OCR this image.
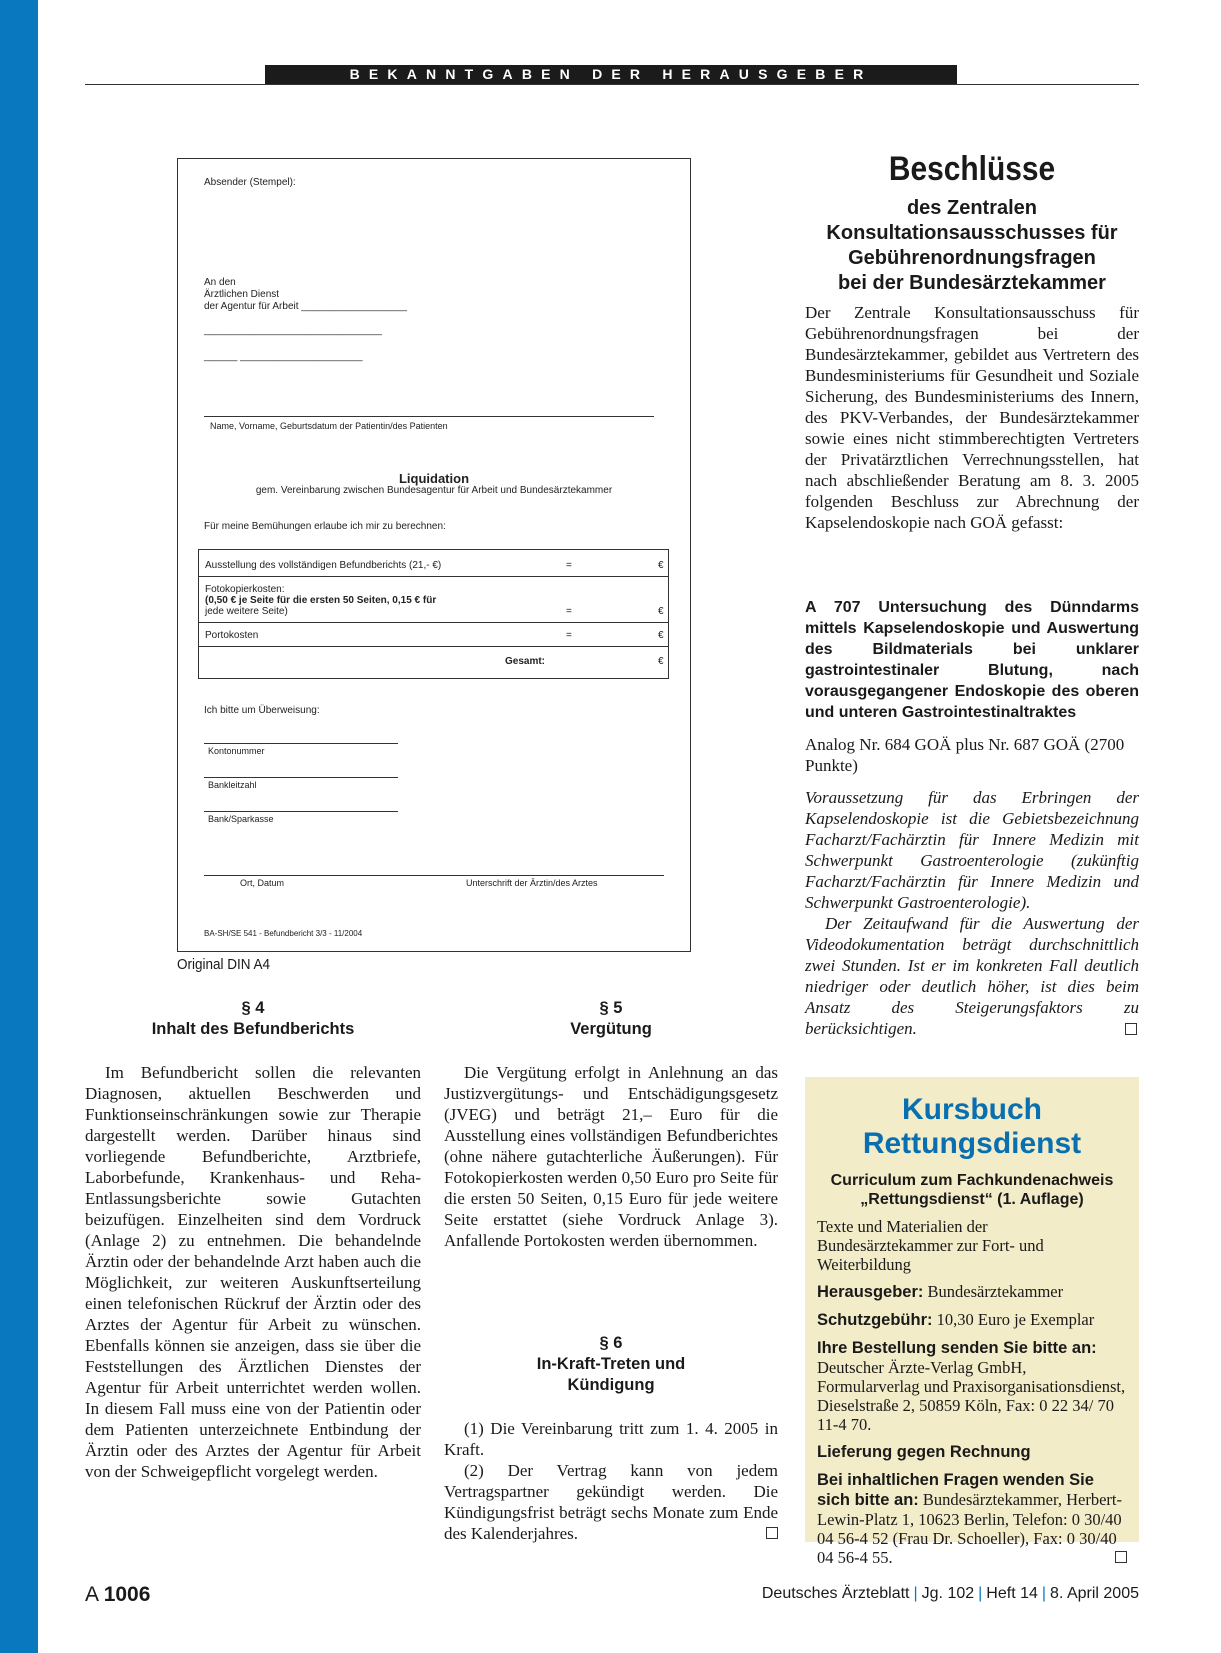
BEKANNTGABEN DER HERAUSGEBER
Absender (Stempel):
An den
Ärztlichen Dienst
der Agentur für Arbeit ___________________
________________________________
______ ______________________
Name, Vorname, Geburtsdatum der Patientin/des Patienten
Liquidation
gem. Vereinbarung zwischen Bundesagentur für Arbeit und Bundesärztekammer
Für meine Bemühungen erlaube ich mir zu berechnen:
Ausstellung des vollständigen Befundberichts (21,- €)	=	€
Fotokopierkosten:
(0,50 € je Seite für die ersten 50 Seiten, 0,15 € für
jede weitere Seite)	=	€
Portokosten	=	€
Gesamt:	€
Ich bitte um Überweisung:
Kontonummer
Bankleitzahl
Bank/Sparkasse
Ort, Datum	Unterschrift der Ärztin/des Arztes
BA-SH/SE 541 - Befundbericht 3/3 - 11/2004
Original DIN A4
§ 4
Inhalt des Befundberichts

Im Befundbericht sollen die relevanten Diagnosen, aktuellen Beschwerden und Funktionseinschränkungen sowie zur Therapie dargestellt werden. Darüber hinaus sind vorliegende Befundberichte, Arztbriefe, Laborbefunde, Krankenhaus- und Reha-Entlassungsberichte sowie Gutachten beizufügen. Einzelheiten sind dem Vordruck (Anlage 2) zu entnehmen. Die behandelnde Ärztin oder der behandelnde Arzt haben auch die Möglichkeit, zur weiteren Auskunftserteilung einen telefonischen Rückruf der Ärztin oder des Arztes der Agentur für Arbeit zu wünschen. Ebenfalls können sie anzeigen, dass sie über die Feststellungen des Ärztlichen Dienstes der Agentur für Arbeit unterrichtet werden wollen. In diesem Fall muss eine von der Patientin oder dem Patienten unterzeichnete Entbindung der Ärztin oder des Arztes der Agentur für Arbeit von der Schweigepflicht vorgelegt werden.

§ 5
Vergütung

Die Vergütung erfolgt in Anlehnung an das Justizvergütungs- und Entschädigungsgesetz (JVEG) und beträgt 21,– Euro für die Ausstellung eines vollständigen Befundberichtes (ohne nähere gutachterliche Äußerungen). Für Fotokopierkosten werden 0,50 Euro pro Seite für die ersten 50 Seiten, 0,15 Euro für jede weitere Seite erstattet (siehe Vordruck Anlage 3). Anfallende Portokosten werden übernommen.

§ 6
In-Kraft-Treten und
Kündigung

(1) Die Vereinbarung tritt zum 1. 4. 2005 in Kraft.

(2) Der Vertrag kann von jedem Vertragspartner gekündigt werden. Die Kündigungsfrist beträgt sechs Monate zum Ende des Kalenderjahres.

Beschlüsse
des Zentralen
Konsultationsausschusses für
Gebührenordnungsfragen
bei der Bundesärztekammer
Der Zentrale Konsultationsausschuss für Gebührenordnungsfragen bei der Bundesärztekammer, gebildet aus Vertretern des Bundesministeriums für Gesundheit und Soziale Sicherung, des Bundesministeriums des Innern, des PKV-Verbandes, der Bundesärztekammer sowie eines nicht stimmberechtigten Vertreters der Privatärztlichen Verrechnungsstellen, hat nach abschließender Beratung am 8. 3. 2005 folgenden Beschluss zur Abrechnung der Kapselendoskopie nach GOÄ gefasst:
A 707 Untersuchung des Dünndarms mittels Kapselendoskopie und Auswertung des Bildmaterials bei unklarer gastrointestinaler Blutung, nach vorausgegangener Endoskopie des oberen und unteren Gastrointestinaltraktes
Analog Nr. 684 GOÄ plus Nr. 687 GOÄ (2700 Punkte)
Voraussetzung für das Erbringen der Kapselendoskopie ist die Gebietsbezeichnung Facharzt/Fachärztin für Innere Medizin mit Schwerpunkt Gastroenterologie (zukünftig Facharzt/Fachärztin für Innere Medizin und Schwerpunkt Gastroenterologie).
Der Zeitaufwand für die Auswertung der Videodokumentation beträgt durchschnittlich zwei Stunden. Ist er im konkreten Fall deutlich niedriger oder deutlich höher, ist dies beim Ansatz des Steigerungsfaktors zu berücksichtigen.
Kursbuch
Rettungsdienst
Curriculum zum Fachkundenachweis
„Rettungsdienst“ (1. Auflage)

Texte und Materialien der Bundesärztekammer zur Fort- und Weiterbildung

Herausgeber: Bundesärztekammer

Schutzgebühr: 10,30 Euro je Exemplar

Ihre Bestellung senden Sie bitte an: Deutscher Ärzte-Verlag GmbH, Formularverlag und Praxisorganisationsdienst, Dieselstraße 2, 50859 Köln, Fax: 0 22 34/ 70 11-4 70.

Lieferung gegen Rechnung

Bei inhaltlichen Fragen wenden Sie sich bitte an: Bundesärztekammer, Herbert-Lewin-Platz 1, 10623 Berlin, Telefon: 0 30/40 04 56-4 52 (Frau Dr. Schoeller), Fax: 0 30/40 04 56-4 55.

A 1006	Deutsches Ärzteblatt | Jg. 102 | Heft 14 | 8. April 2005
